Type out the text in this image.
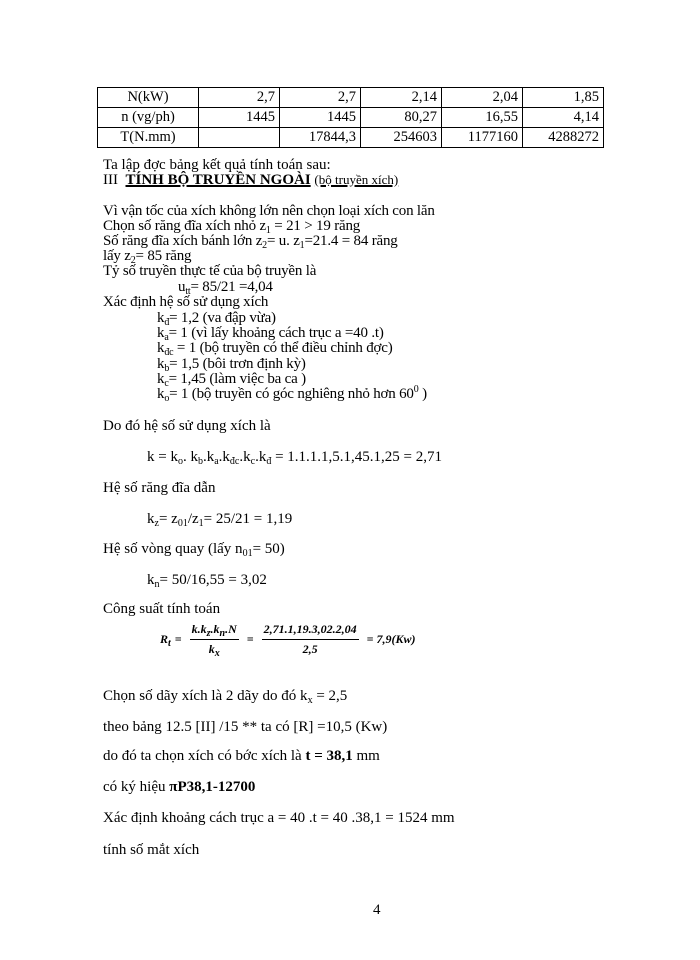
N(kW)	2,7	2,7	2,14	2,04	1,85
n (vg/ph)	1445	1445	80,27	16,55	4,14
T(N.mm)		17844,3	254603	1177160	4288272
Ta lập đợc bảng kết quả tính toán sau:
III TÍNH BỘ TRUYỀN NGOÀI (bộ truyền xích)
Vì vận tốc của xích không lớn nên chọn loại xích con lăn
Chọn số răng đĩa xích nhỏ $z_1 = 21 > 19$ răng
Số răng đĩa xích bánh lớn $z_2= u$. $z_1=21.4 = 84$ răng
lấy $z_2= 85$ răng
Tỷ số truyền thực tế của bộ truyền là
$u_{tt}= 85/21 =4,04$
Xác định hệ số sử dụng xích
$k_đ= 1,2$ (va đập vừa)
$k_a= 1$ (vì lấy khoảng cách trục a =40 .t)
$k_{đc} = 1$ (bộ truyền có thể điều chỉnh đợc)
$k_b= 1,5$ (bôi trơn định kỳ)
$k_c= 1,45$ (làm việc ba ca )
$k_o= 1$ (bộ truyền có góc nghiêng nhỏ hơn $60^0$ )
Do đó hệ số sử dụng xích là
$k = k_o$. $k_b.k_a.k_{đc}.k_c.k_đ = 1.1.1.1,5.1,45.1,25 = 2,71$
Hệ số răng đĩa dẫn
$k_z= z_{01}/z_1= 25/21 = 1,19$
Hệ số vòng quay (lấy $n_{01}= 50$)
$k_n= 50/16,55 = 3,02$
Công suất tính toán
$R_t = \frac{k.k_z.k_n.N}{k_x} = \frac{2,71.1,19.3,02.2,04}{2,5} = 7,9(Kw)$
Chọn số dãy xích là 2 dãy do đó $k_x = 2,5$
theo bảng 12.5 [II] /15 ** ta có [R] =10,5 (Kw)
do đó ta chọn xích có bớc xích là t = 38,1 mm
có ký hiệu πP38,1-12700
Xác định khoảng cách trục a = 40 .t = 40 .38,1 = 1524 mm
tính số mắt xích
4
